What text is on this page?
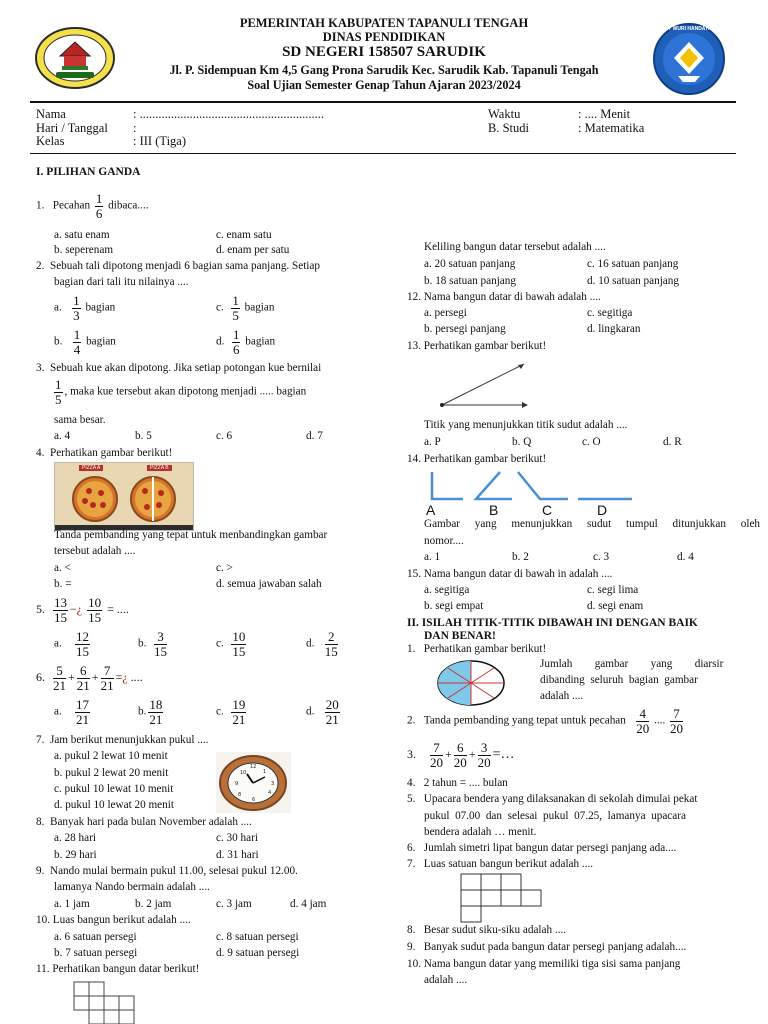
TUT WURI HANDAYANI
PEMERINTAH KABUPATEN TAPANULI TENGAH
DINAS PENDIDIKAN
SD NEGERI 158507 SARUDIK
Jl. P. Sidempuan Km 4,5 Gang Prona Sarudik Kec. Sarudik Kab. Tapanuli Tengah
Soal Ujian Semester Genap Tahun Ajaran 2023/2024
Nama	: ...........................................................
Hari / Tanggal :
Kelas	: III (Tiga)
Waktu	: .... Menit
B. Studi	: Matematika
I. PILIHAN GANDA
1. Pecahan $\frac{1}{6}$ dibaca....
a. satu enam	c. enam satu
b. seperenam	d. enam per satu
2. Sebuah tali dipotong menjadi 6 bagian sama panjang. Setiap
bagian dari tali itu nilainya ....
a. $\frac{1}{3}$ bagian	c. $\frac{1}{5}$ bagian
b. $\frac{1}{4}$ bagian	d. $\frac{1}{6}$ bagian
3. Sebuah kue akan dipotong. Jika setiap potongan kue bernilai
$\frac{1}{5}$ , maka kue tersebut akan dipotong menjadi ..... bagian
sama besar.
a. 4	b. 5	c. 6	d. 7
4. Perhatikan gambar berikut!
PIZZA A	PIZZA B
Tanda pembanding yang tepat untuk menbandingkan gambar
tersebut adalah ....
a. <	c. >
b. =	d. semua jawaban salah
5. $\frac{13}{15}$ −¿ $\frac{10}{15}$ = ....
a. $\frac{12}{15}$	b. $\frac{3}{15}$	c. $\frac{10}{15}$	d. $\frac{2}{15}$
6. $\frac{5}{21} + \frac{6}{21} + \frac{7}{21}$ =¿ ....
a. $\frac{17}{21}$	b. $\frac{18}{21}$	c. $\frac{19}{21}$	d. $\frac{20}{21}$
7. Jam berikut menunjukkan pukul ....
a. pukul 2 lewat 10 menit
b. pukul 2 lewat 20 menit
c. pukul 10 lewat 10 menit
d. pukul 10 lewat 20 menit
12
3
6
9
10	1
4
8
8. Banyak hari pada bulan November adalah ....
a. 28 hari	c. 30 hari
b. 29 hari	d. 31 hari
9. Nando mulai bermain pukul 11.00, selesai pukul 12.00.
lamanya Nando bermain adalah ....
a. 1 jam	b. 2 jam	c. 3 jam	d. 4 jam
10. Luas bangun berikut adalah ....
a. 6 satuan persegi	c. 8 satuan persegi
b. 7 satuan persegi	d. 9 satuan persegi
11. Perhatikan bangun datar berikut!
Keliling bangun datar tersebut adalah ....
a. 20 satuan panjang	c. 16 satuan panjang
b. 18 satuan panjang	d. 10 satuan panjang
12. Nama bangun datar di bawah adalah ....
a. persegi	c. segitiga
b. persegi panjang	d. lingkaran
13. Perhatikan gambar berikut!
Titik yang menunjukkan titik sudut adalah ....
a. P	b. Q	c. O	d. R
14. Perhatikan gambar berikut!
A	B	C	D
Gambar yang menunjukkan sudut tumpul ditunjukkan oleh
nomor....
a. 1	b. 2	c. 3	d. 4
15. Nama bangun datar di bawah in adalah ....
a. segitiga	c. segi lima
b. segi empat	d. segi enam
II. ISILAH TITIK-TITIK DIBAWAH INI DENGAN BAIK
DAN BENAR!
1. Perhatikan gambar berikut!
Jumlah        gambar        yang        diarsir
dibanding  seluruh  bagian  gambar
adalah ....
2. Tanda pembanding yang tepat untuk pecahan $\frac{4}{20}$ .... $\frac{7}{20}$
3. $\frac{7}{20} + \frac{6}{20} + \frac{3}{20}$ =…
4. 2 tahun = .... bulan
5. Upacara bendera yang dilaksanakan di sekolah dimulai pekat
pukul  07.00  dan  selesai  pukul  07.25,  lamanya  upacara
bendera adalah … menit.
6. Jumlah simetri lipat bangun datar persegi panjang ada....
7. Luas satuan bangun berikut adalah ....
8. Besar sudut siku-siku adalah ....
9. Banyak sudut pada bangun datar persegi panjang adalah....
10. Nama bangun datar yang memiliki tiga sisi sama panjang
adalah ....
